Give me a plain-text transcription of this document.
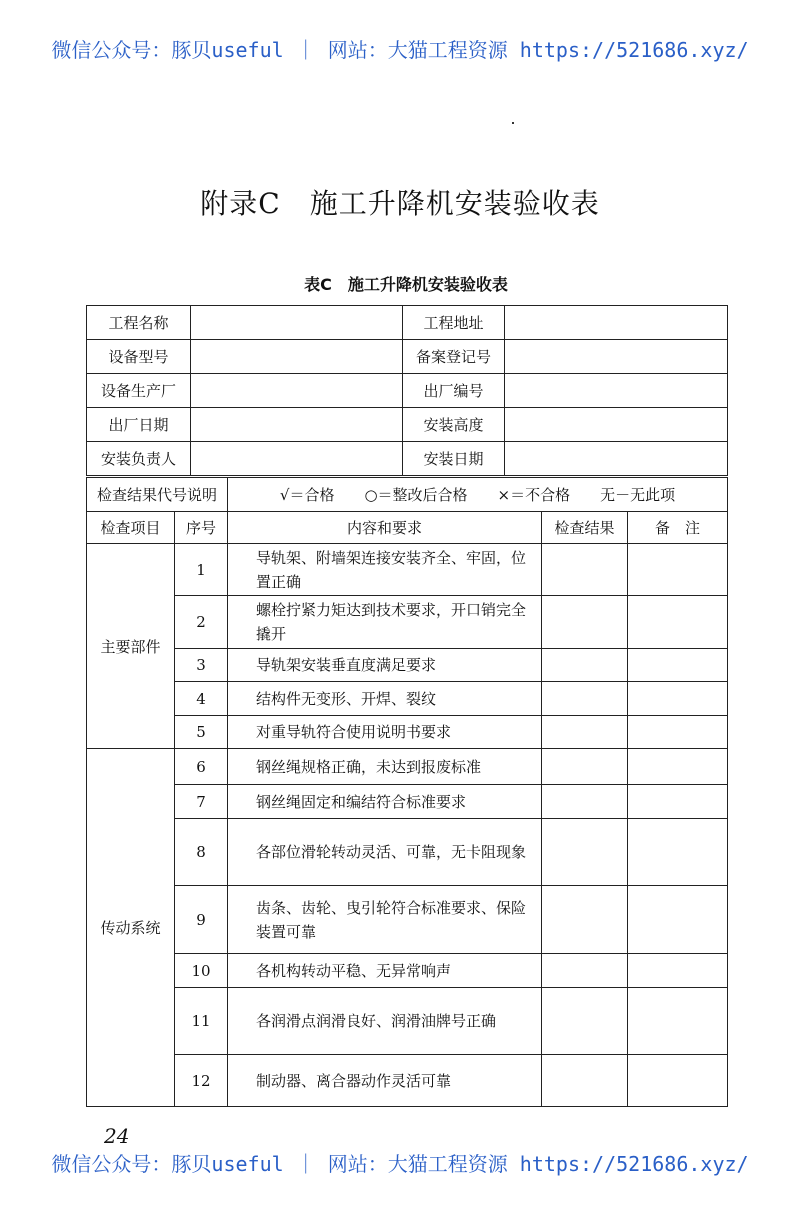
微信公众号：豚贝useful ｜ 网站：大猫工程资源 https://521686.xyz/
附录C　施工升降机安装验收表
表C　施工升降机安装验收表
工程名称		工程地址	
设备型号		备案登记号	
设备生产厂		出厂编号	
出厂日期		安装高度	
安装负责人		安装日期	
检查结果代号说明		√＝合格　　○＝整改后合格　　×＝不合格　　无－无此项		
检查项目	序号	内容和要求	检查结果	备　注
主要部件	1	导轨架、附墙架连接安装齐全、牢固，位置正确		
	2	螺栓拧紧力矩达到技术要求，开口销完全撬开		
	3	导轨架安装垂直度满足要求		
	4	结构件无变形、开焊、裂纹		
	5	对重导轨符合使用说明书要求		
传动系统	6	钢丝绳规格正确，未达到报废标准		
	7	钢丝绳固定和编结符合标准要求		
	8	各部位滑轮转动灵活、可靠，无卡阻现象		
	9	齿条、齿轮、曳引轮符合标准要求、保险装置可靠		
	10	各机构转动平稳、无异常响声		
	11	各润滑点润滑良好、润滑油牌号正确		
	12	制动器、离合器动作灵活可靠		
微信公众号：豚贝useful ｜ 网站：大猫工程资源 https://521686.xyz/
24
